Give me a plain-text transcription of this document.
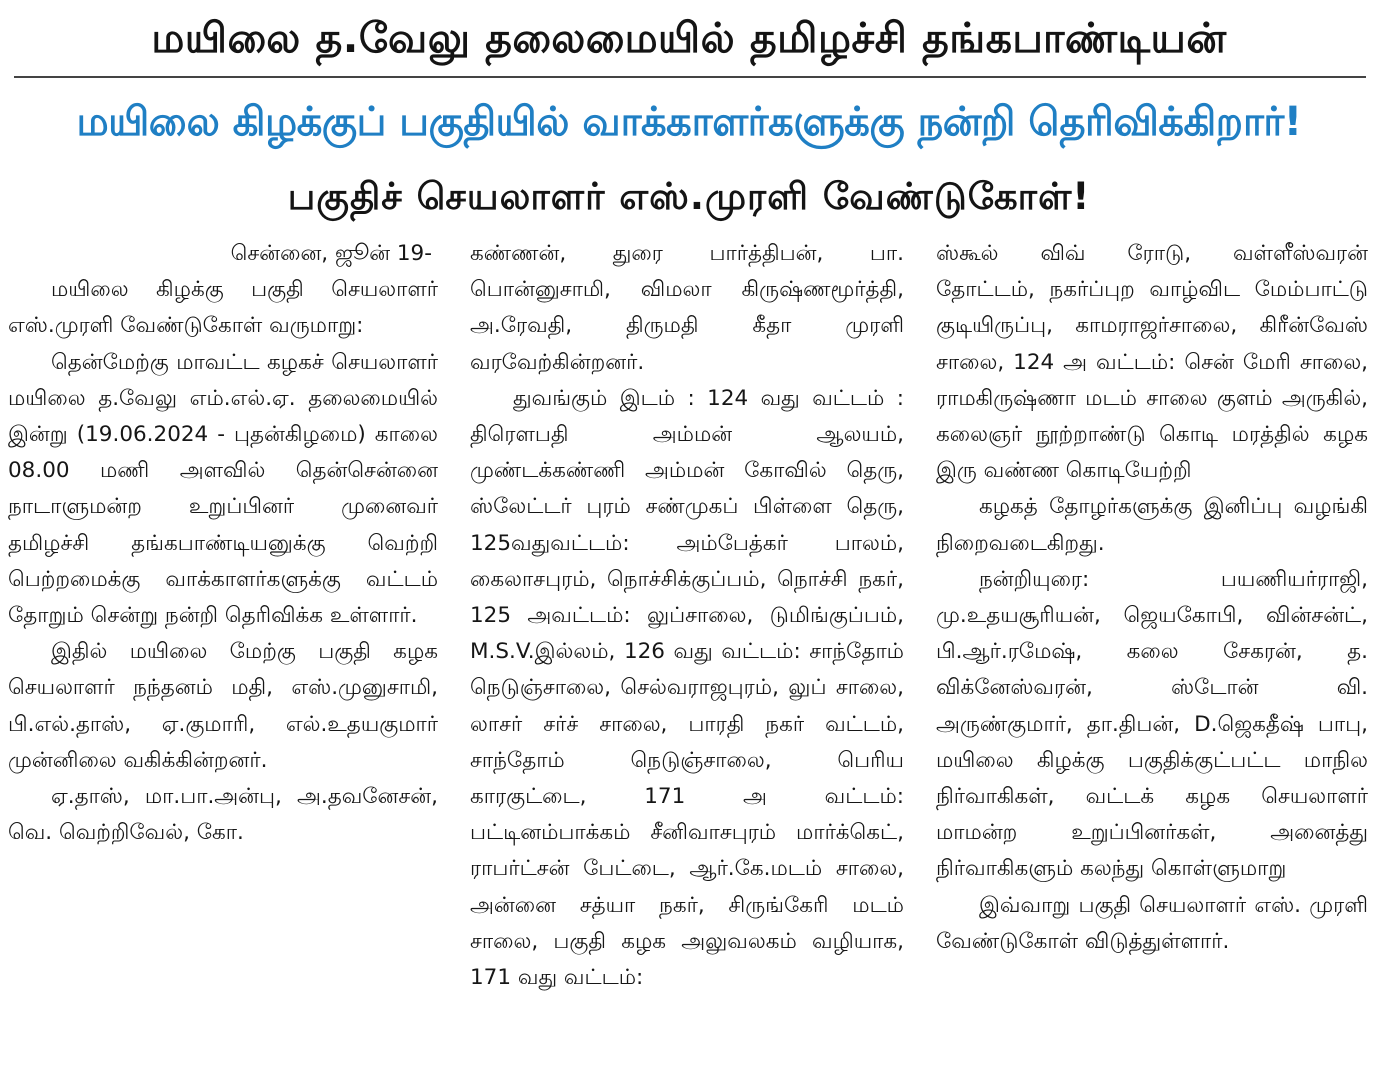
மயிலை த.வேலு தலைமையில் தமிழச்சி தங்கபாண்டியன்
மயிலை கிழக்குப் பகுதியில் வாக்காளர்களுக்கு நன்றி தெரிவிக்கிறார்!
பகுதிச் செயலாளர் எஸ்.முரளி வேண்டுகோள்!

சென்னை, ஜூன் 19-

மயிலை கிழக்கு பகுதி செயலாளர் எஸ்.முரளி வேண்டுகோள் வருமாறு:

தென்மேற்கு மாவட்ட கழகச் செயலாளர் மயிலை த.வேலு எம்.எல்.ஏ. தலைமையில் இன்று (19.06.2024 - புதன்கிழமை) காலை 08.00 மணி அளவில் தென்சென்னை நாடாளுமன்ற உறுப்பினர் முனைவர் தமிழச்சி தங்கபாண்டியனுக்கு வெற்றி பெற்றமைக்கு வாக்காளர்களுக்கு வட்டம் தோறும் சென்று நன்றி தெரிவிக்க உள்ளார்.

இதில் மயிலை மேற்கு பகுதி கழக செயலாளர் நந்தனம் மதி, எஸ்.முனுசாமி, பி.எல்.தாஸ், ஏ.குமாரி, எல்.உதயகுமார் முன்னிலை வகிக்கின்றனர்.

ஏ.தாஸ், மா.பா.அன்பு, அ.தவனேசன், வெ. வெற்றிவேல், கோ.

கண்ணன், துரை பார்த்திபன், பா. பொன்னுசாமி, விமலா கிருஷ்ணமூர்த்தி, அ.ரேவதி, திருமதி கீதா முரளி வரவேற்கின்றனர்.

துவங்கும் இடம் : 124 வது வட்டம் : திரௌபதி அம்மன் ஆலயம், முண்டக்கண்ணி அம்மன் கோவில் தெரு, ஸ்லேட்டர் புரம் சண்முகப் பிள்ளை தெரு, 125வதுவட்டம்: அம்பேத்கர் பாலம், கைலாசபுரம், நொச்சிக்குப்பம், நொச்சி நகர், 125 அவட்டம்: லுப்சாலை, டுமிங்குப்பம், M.S.V.இல்லம், 126 வது வட்டம்: சாந்தோம் நெடுஞ்சாலை, செல்வராஜபுரம், லுப் சாலை, லாசர் சர்ச் சாலை, பாரதி நகர் வட்டம், சாந்தோம் நெடுஞ்சாலை, பெரிய காரகுட்டை, 171 அ வட்டம்: பட்டினம்பாக்கம் சீனிவாசபுரம் மார்க்கெட், ராபர்ட்சன் பேட்டை, ஆர்.கே.மடம் சாலை, அன்னை சத்யா நகர், சிருங்கேரி மடம் சாலை, பகுதி கழக அலுவலகம் வழியாக, 171 வது வட்டம்:

ஸ்கூல் விவ் ரோடு, வள்ளீஸ்வரன் தோட்டம், நகர்ப்புற வாழ்விட மேம்பாட்டு குடியிருப்பு, காமராஜர்சாலை, கிரீன்வேஸ் சாலை, 124 அ வட்டம்: சென் மேரி சாலை, ராமகிருஷ்ணா மடம் சாலை குளம் அருகில், கலைஞர் நூற்றாண்டு கொடி மரத்தில் கழக இரு வண்ண கொடியேற்றி

கழகத் தோழர்களுக்கு இனிப்பு வழங்கி நிறைவடைகிறது.

நன்றியுரை: பயணியர்ராஜி, மு.உதயசூரியன், ஜெயகோபி, வின்சன்ட், பி.ஆர்.ரமேஷ், கலை சேகரன், த. விக்னேஸ்வரன், ஸ்டோன் வி. அருண்குமார், தா.திபன், D.ஜெகதீஷ் பாபு, மயிலை கிழக்கு பகுதிக்குட்பட்ட மாநில நிர்வாகிகள், வட்டக் கழக செயலாளர் மாமன்ற உறுப்பினர்கள், அனைத்து நிர்வாகிகளும் கலந்து கொள்ளுமாறு

இவ்வாறு பகுதி செயலாளர் எஸ். முரளி வேண்டுகோள் விடுத்துள்ளார்.
